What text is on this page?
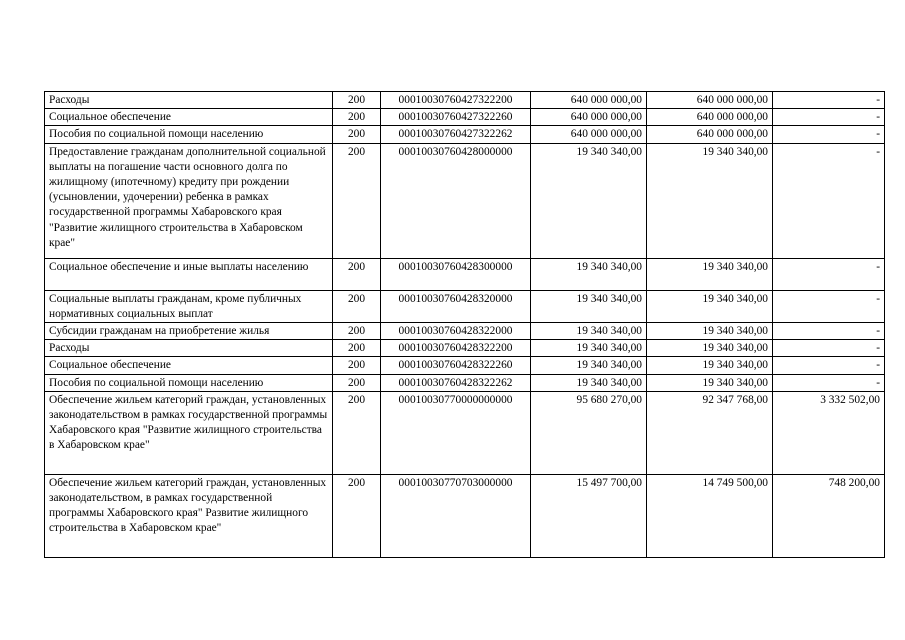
Расходы	200	00010030760427322200	640 000 000,00	640 000 000,00	-
Социальное обеспечение	200	00010030760427322260	640 000 000,00	640 000 000,00	-
Пособия по социальной помощи населению	200	00010030760427322262	640 000 000,00	640 000 000,00	-
Предоставление гражданам дополнительной социальной выплаты на погашение части основного долга по жилищному (ипотечному) кредиту при рождении (усыновлении, удочерении) ребенка в рамках государственной программы Хабаровского края "Развитие жилищного строительства в Хабаровском крае"	200	00010030760428000000	19 340 340,00	19 340 340,00	-
Социальное обеспечение и иные выплаты населению	200	00010030760428300000	19 340 340,00	19 340 340,00	-
Социальные выплаты гражданам, кроме публичных нормативных социальных выплат	200	00010030760428320000	19 340 340,00	19 340 340,00	-
Субсидии гражданам на приобретение жилья	200	00010030760428322000	19 340 340,00	19 340 340,00	-
Расходы	200	00010030760428322200	19 340 340,00	19 340 340,00	-
Социальное обеспечение	200	00010030760428322260	19 340 340,00	19 340 340,00	-
Пособия по социальной помощи населению	200	00010030760428322262	19 340 340,00	19 340 340,00	-
Обеспечение жильем категорий граждан, установленных законодательством в рамках государственной программы Хабаровского края "Развитие жилищного строительства в Хабаровском крае"	200	00010030770000000000	95 680 270,00	92 347 768,00	3 332 502,00
Обеспечение жильем категорий граждан, установленных законодательством, в рамках государственной программы Хабаровского края" Развитие жилищного строительства в Хабаровском крае"	200	00010030770703000000	15 497 700,00	14 749 500,00	748 200,00
